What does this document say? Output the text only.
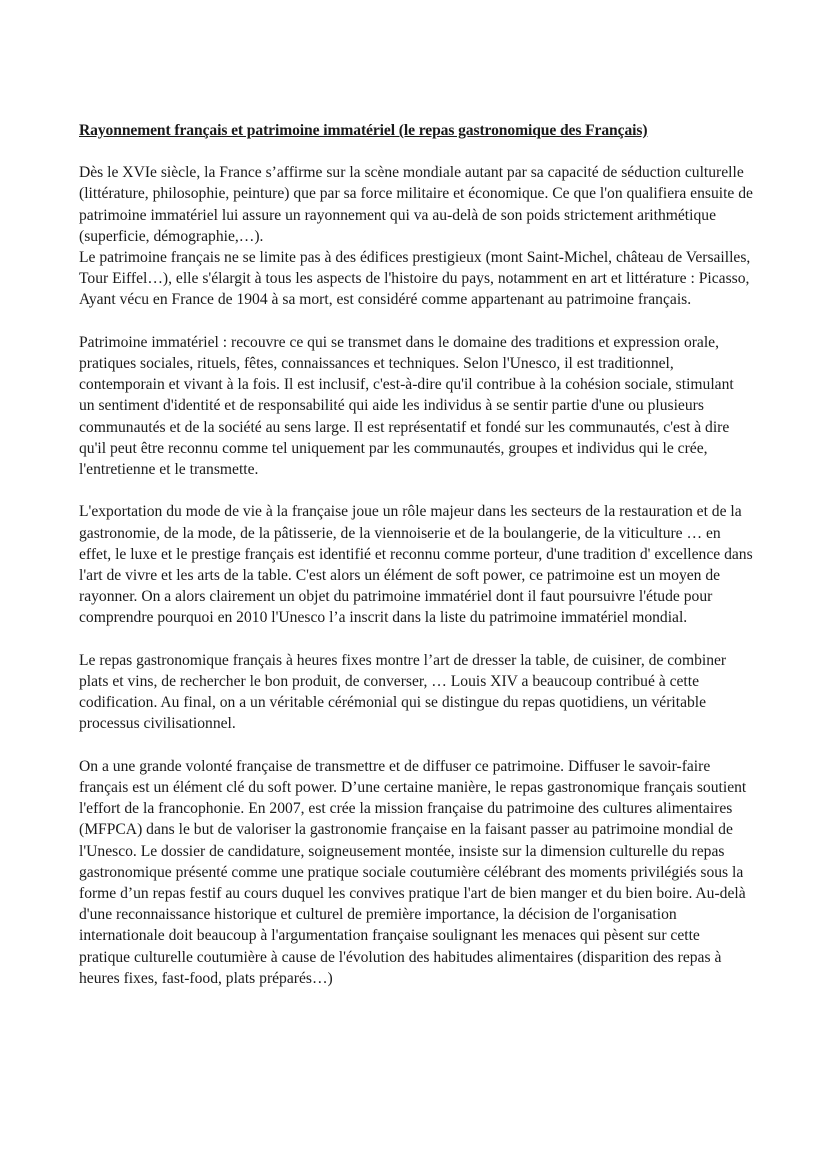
Rayonnement français et patrimoine immatériel (le repas gastronomique des Français)

Dès le XVIe siècle, la France s’affirme sur la scène mondiale autant par sa capacité de séduction culturelle (littérature, philosophie, peinture) que par sa force militaire et économique. Ce que l'on qualifiera ensuite de patrimoine immatériel lui assure un rayonnement qui va au-delà de son poids strictement arithmétique (superficie, démographie,…).

Le patrimoine français ne se limite pas à des édifices prestigieux (mont Saint-Michel, château de Versailles, Tour Eiffel…), elle s'élargit à tous les aspects de l'histoire du pays, notamment en art et littérature : Picasso, Ayant vécu en France de 1904 à sa mort, est considéré comme appartenant au patrimoine français.

Patrimoine immatériel : recouvre ce qui se transmet dans le domaine des traditions et expression orale, pratiques sociales, rituels, fêtes, connaissances et techniques. Selon l'Unesco, il est traditionnel, contemporain et vivant à la fois. Il est inclusif, c'est-à-dire qu'il contribue à la cohésion sociale, stimulant un sentiment d'identité et de responsabilité qui aide les individus à se sentir partie d'une ou plusieurs communautés et de la société au sens large. Il est représentatif et fondé sur les communautés, c'est à dire qu'il peut être reconnu comme tel uniquement par les communautés, groupes et individus qui le crée, l'entretienne et le transmette.

L'exportation du mode de vie à la française joue un rôle majeur dans les secteurs de la restauration et de la gastronomie, de la mode, de la pâtisserie, de la viennoiserie et de la boulangerie, de la viticulture … en effet, le luxe et le prestige français est identifié et reconnu comme porteur, d'une tradition d' excellence dans l'art de vivre et les arts de la table. C'est alors un élément de soft power, ce patrimoine est un moyen de rayonner. On a alors clairement un objet du patrimoine immatériel dont il faut poursuivre l'étude pour comprendre pourquoi en 2010 l'Unesco l’a inscrit dans la liste du patrimoine immatériel mondial.

Le repas gastronomique français à heures fixes montre l’art de dresser la table, de cuisiner, de combiner plats et vins, de rechercher le bon produit, de converser, … Louis XIV a beaucoup contribué à cette codification. Au final, on a un véritable cérémonial qui se distingue du repas quotidiens, un véritable processus civilisationnel.

On a une grande volonté française de transmettre et de diffuser ce patrimoine. Diffuser le savoir-faire français est un élément clé du soft power. D’une certaine manière, le repas gastronomique français soutient l'effort de la francophonie. En 2007, est crée la mission française du patrimoine des cultures alimentaires (MFPCA) dans le but de valoriser la gastronomie française en la faisant passer au patrimoine mondial de l'Unesco. Le dossier de candidature, soigneusement montée, insiste sur la dimension culturelle du repas gastronomique présenté comme une pratique sociale coutumière célébrant des moments privilégiés sous la forme d’un repas festif au cours duquel les convives pratique l'art de bien manger et du bien boire. Au-delà d'une reconnaissance historique et culturel de première importance, la décision de l'organisation internationale doit beaucoup à l'argumentation française soulignant les menaces qui pèsent sur cette pratique culturelle coutumière à cause de l'évolution des habitudes alimentaires (disparition des repas à heures fixes, fast-food, plats préparés…)
